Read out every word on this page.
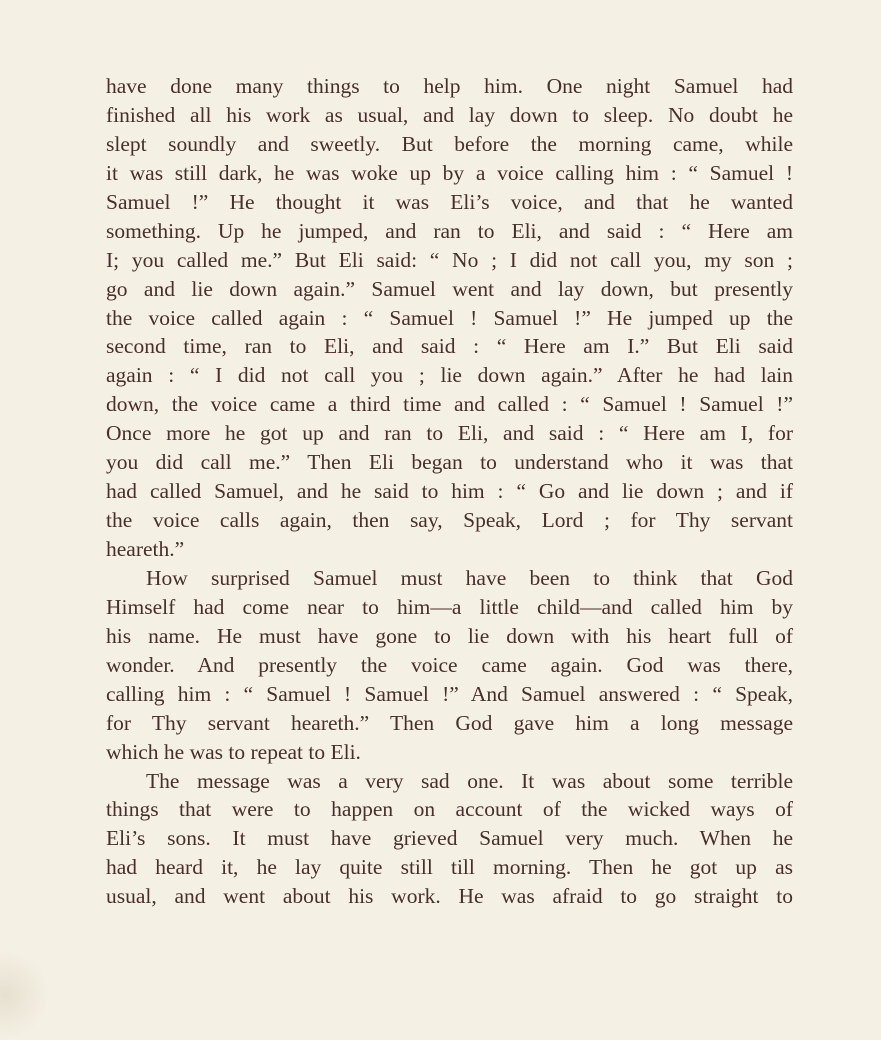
have done many things to help him. One night Samuel had
finished all his work as usual, and lay down to sleep. No doubt he
slept soundly and sweetly. But before the morning came, while
it was still dark, he was woke up by a voice calling him : “ Samuel !
Samuel !” He thought it was Eli’s voice, and that he wanted
something. Up he jumped, and ran to Eli, and said : “ Here am
I; you called me.” But Eli said: “ No ; I did not call you, my son ;
go and lie down again.” Samuel went and lay down, but presently
the voice called again : “ Samuel ! Samuel !” He jumped up the
second time, ran to Eli, and said : “ Here am I.” But Eli said
again : “ I did not call you ; lie down again.” After he had lain
down, the voice came a third time and called : “ Samuel ! Samuel !”
Once more he got up and ran to Eli, and said : “ Here am I, for
you did call me.” Then Eli began to understand who it was that
had called Samuel, and he said to him : “ Go and lie down ; and if
the voice calls again, then say, Speak, Lord ; for Thy servant
heareth.”
How surprised Samuel must have been to think that God
Himself had come near to him—a little child—and called him by
his name. He must have gone to lie down with his heart full of
wonder. And presently the voice came again. God was there,
calling him : “ Samuel ! Samuel !” And Samuel answered : “ Speak,
for Thy servant heareth.” Then God gave him a long message
which he was to repeat to Eli.
The message was a very sad one. It was about some terrible
things that were to happen on account of the wicked ways of
Eli’s sons. It must have grieved Samuel very much. When he
had heard it, he lay quite still till morning. Then he got up as
usual, and went about his work. He was afraid to go straight to
